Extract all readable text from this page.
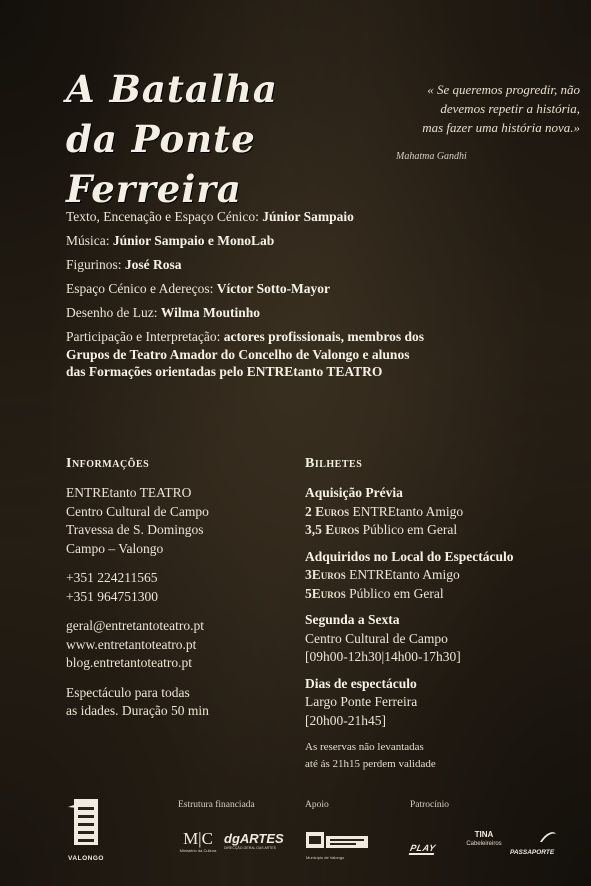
A Batalha
da Ponte Ferreira
« Se queremos progredir, não
devemos repetir a história,
mas fazer uma história nova.»
Mahatma Gandhi

Texto, Encenação e Espaço Cénico: Júnior Sampaio

Música: Júnior Sampaio e MonoLab

Figurinos: José Rosa

Espaço Cénico e Adereços: Víctor Sotto-Mayor

Desenho de Luz: Wilma Moutinho

Participação e Interpretação: actores profissionais, membros dos Grupos de Teatro Amador do Concelho de Valongo e alunos das Formações orientadas pelo ENTREtanto TEATRO

Informações
ENTREtanto TEATRO
Centro Cultural de Campo
Travessa de S. Domingos
Campo – Valongo
+351 224211565
+351 964751300
geral@entretantoteatro.pt
www.entretantoteatro.pt
blog.entretantoteatro.pt
Espectáculo para todas
as idades. Duração 50 min
Bilhetes
Aquisição Prévia
2 Euros ENTREtanto Amigo
3,5 Euros Público em Geral
Adquiridos no Local do Espectáculo
3Euros ENTREtanto Amigo
5Euros Público em Geral
Segunda a Sexta
Centro Cultural de Campo
[09h00-12h30|14h00-17h30]
Dias de espectáculo
Largo Ponte Ferreira
[20h00-21h45]
As reservas não levantadas
até ás 21h15 perdem validade
VALONGO
Estrutura financiada	Apoio	Patrocínio
M|C
Ministério da Cultura
dgARTES
DIRECÇÃO-GERAL DAS ARTES
Município de Valongo
PLAY
TINA
Cabeleireiros
PASSAPORTE
